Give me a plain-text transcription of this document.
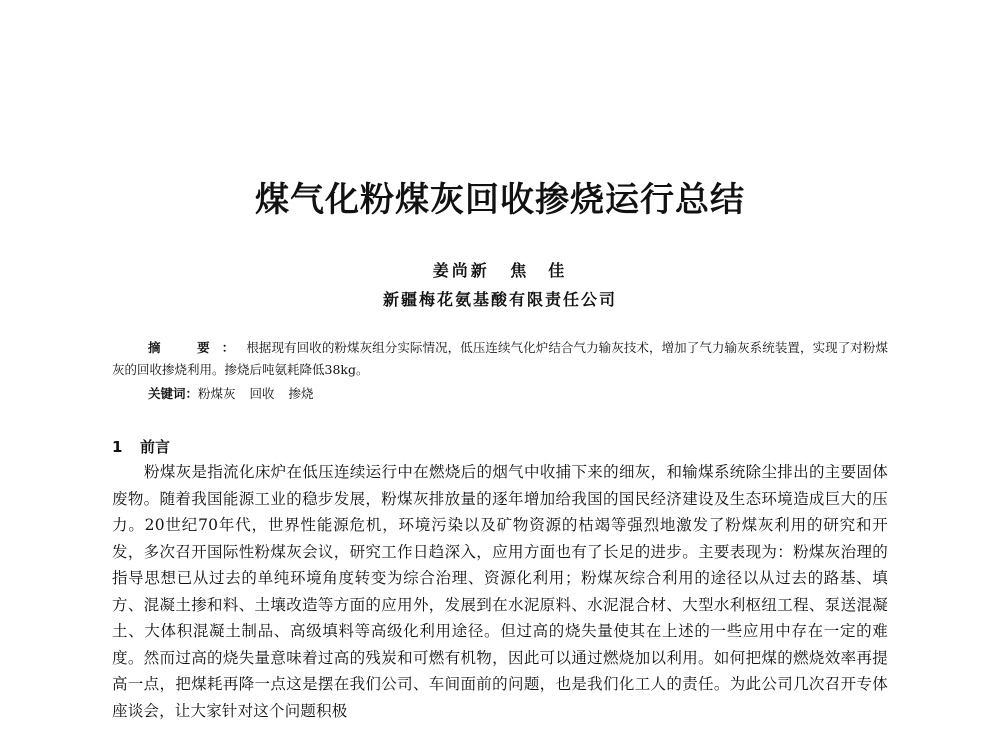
煤气化粉煤灰回收掺烧运行总结

姜尚新 焦　佳

新疆梅花氨基酸有限责任公司

摘　要：根据现有回收的粉煤灰组分实际情况，低压连续气化炉结合气力输灰技术，增加了气力输灰系统装置，实现了对粉煤灰的回收掺烧利用。掺烧后吨氨耗降低38kg。

关键词：粉煤灰 回收 掺烧

1 前言

粉煤灰是指流化床炉在低压连续运行中在燃烧后的烟气中收捕下来的细灰，和输煤系统除尘排出的主要固体废物。随着我国能源工业的稳步发展，粉煤灰排放量的逐年增加给我国的国民经济建设及生态环境造成巨大的压力。20世纪70年代，世界性能源危机，环境污染以及矿物资源的枯竭等强烈地激发了粉煤灰利用的研究和开发，多次召开国际性粉煤灰会议，研究工作日趋深入，应用方面也有了长足的进步。主要表现为：粉煤灰治理的指导思想已从过去的单纯环境角度转变为综合治理、资源化利用；粉煤灰综合利用的途径以从过去的路基、填方、混凝土掺和料、土壤改造等方面的应用外，发展到在水泥原料、水泥混合材、大型水利枢纽工程、泵送混凝土、大体积混凝土制品、高级填料等高级化利用途径。但过高的烧失量使其在上述的一些应用中存在一定的难度。然而过高的烧失量意味着过高的残炭和可燃有机物，因此可以通过燃烧加以利用。如何把煤的燃烧效率再提高一点，把煤耗再降一点这是摆在我们公司、车间面前的问题，也是我们化工人的责任。为此公司几次召开专体座谈会，让大家针对这个问题积极
